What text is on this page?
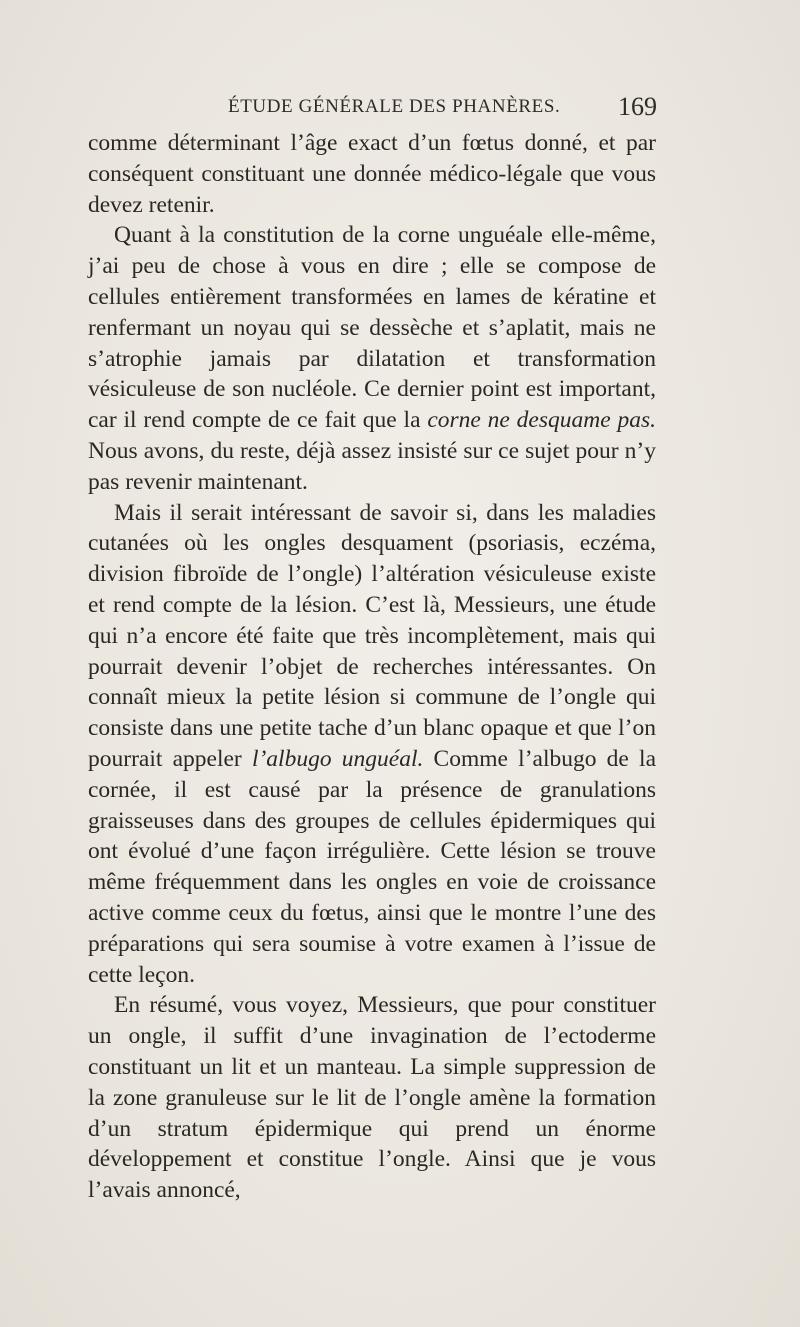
ÉTUDE GÉNÉRALE DES PHANÈRES. 169

comme déterminant l’âge exact d’un fœtus donné, et par conséquent constituant une donnée médico-légale que vous devez retenir.

Quant à la constitution de la corne unguéale elle-même, j’ai peu de chose à vous en dire ; elle se compose de cellules entièrement transformées en lames de kératine et renfermant un noyau qui se dessèche et s’aplatit, mais ne s’atrophie jamais par dilatation et transformation vésiculeuse de son nucléole. Ce dernier point est important, car il rend compte de ce fait que la corne ne desquame pas. Nous avons, du reste, déjà assez insisté sur ce sujet pour n’y pas revenir maintenant.

Mais il serait intéressant de savoir si, dans les maladies cutanées où les ongles desquament (psoriasis, eczéma, division fibroïde de l’ongle) l’altération vésiculeuse existe et rend compte de la lésion. C’est là, Messieurs, une étude qui n’a encore été faite que très incomplètement, mais qui pourrait devenir l’objet de recherches intéressantes. On connaît mieux la petite lésion si commune de l’ongle qui consiste dans une petite tache d’un blanc opaque et que l’on pourrait appeler l’albugo unguéal. Comme l’albugo de la cornée, il est causé par la présence de granulations graisseuses dans des groupes de cellules épidermiques qui ont évolué d’une façon irrégulière. Cette lésion se trouve même fréquemment dans les ongles en voie de croissance active comme ceux du fœtus, ainsi que le montre l’une des préparations qui sera soumise à votre examen à l’issue de cette leçon.

En résumé, vous voyez, Messieurs, que pour constituer un ongle, il suffit d’une invagination de l’ectoderme constituant un lit et un manteau. La simple suppression de la zone granuleuse sur le lit de l’ongle amène la formation d’un stratum épidermique qui prend un énorme développement et constitue l’ongle. Ainsi que je vous l’avais annoncé,
